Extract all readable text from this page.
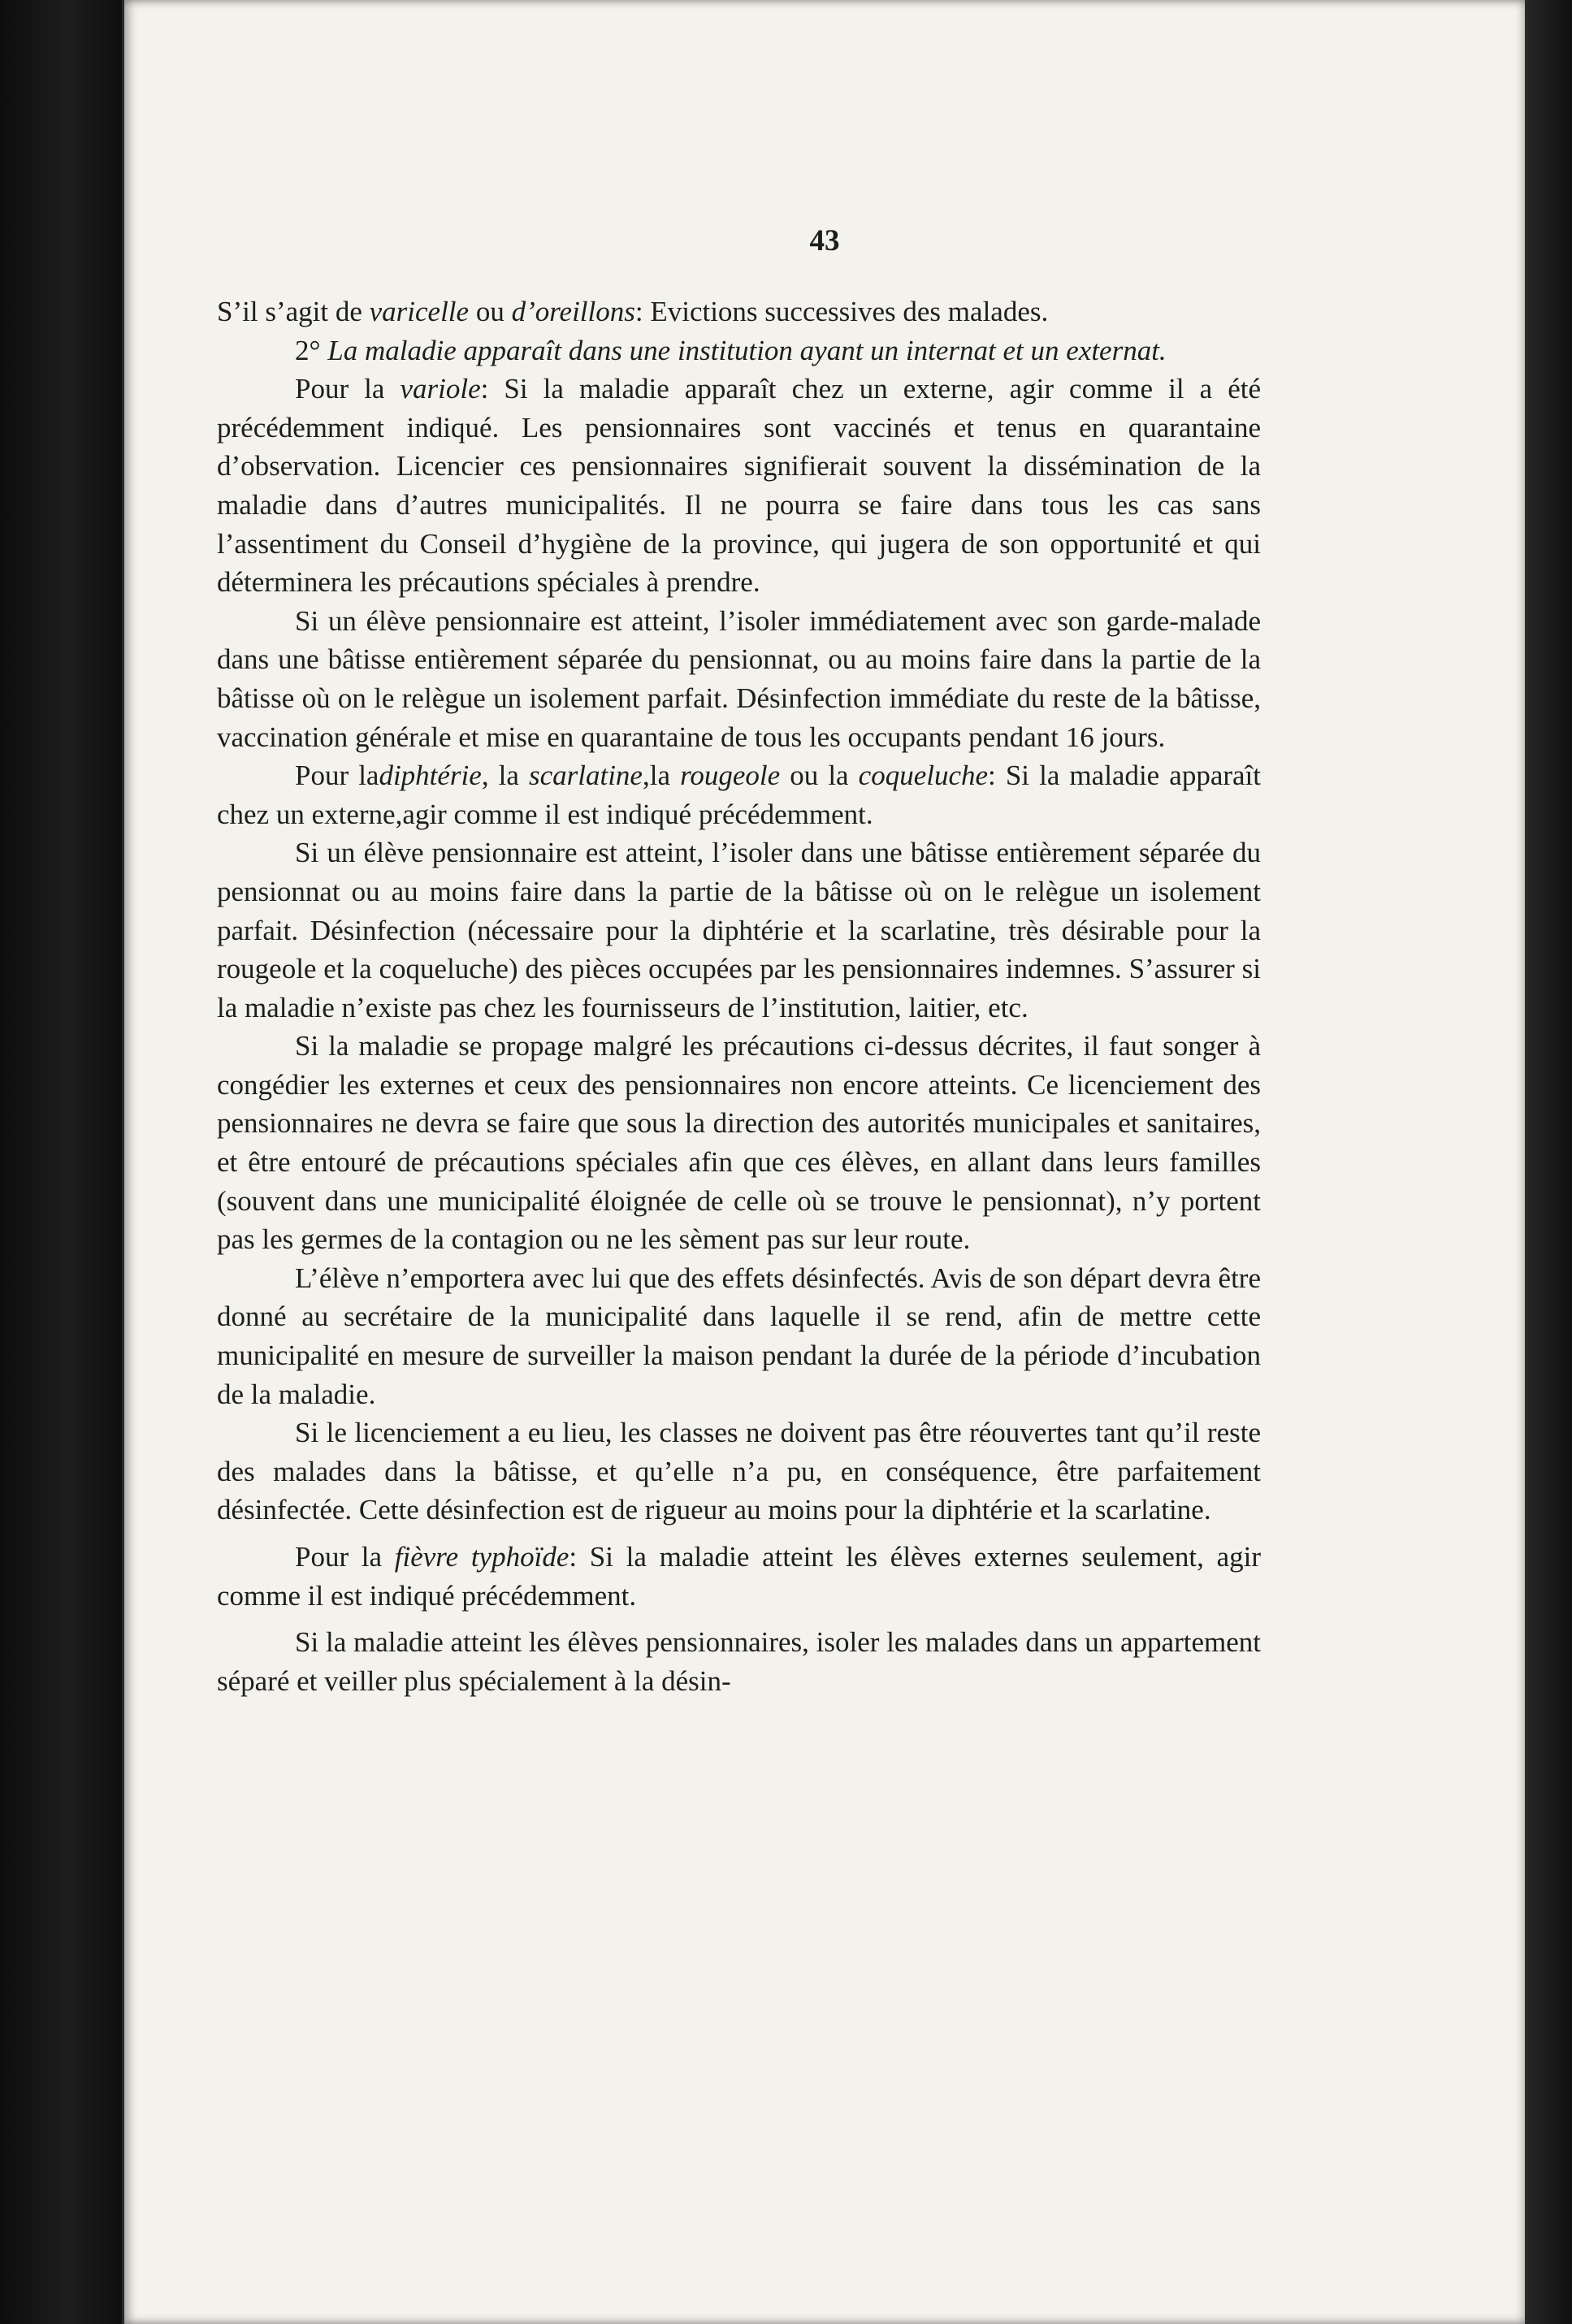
43

S’il s’agit de varicelle ou d’oreillons: Evictions successives des malades.

2° La maladie apparaît dans une institution ayant un internat et un externat.

Pour la variole: Si la maladie apparaît chez un externe, agir comme il a été précédemment indiqué. Les pensionnaires sont vaccinés et tenus en quarantaine d’observation. Licencier ces pensionnaires signifierait souvent la dissémination de la maladie dans d’autres municipalités. Il ne pourra se faire dans tous les cas sans l’assentiment du Conseil d’hygiène de la province, qui jugera de son opportunité et qui déterminera les précautions spéciales à prendre.

Si un élève pensionnaire est atteint, l’isoler immédiatement avec son garde-malade dans une bâtisse entièrement séparée du pensionnat, ou au moins faire dans la partie de la bâtisse où on le relègue un isolement parfait. Désinfection immédiate du reste de la bâtisse, vaccination générale et mise en quarantaine de tous les occupants pendant 16 jours.

Pour ladiphtérie, la scarlatine,la rougeole ou la coqueluche: Si la maladie apparaît chez un externe,agir comme il est indiqué précédemment.

Si un élève pensionnaire est atteint, l’isoler dans une bâtisse entièrement séparée du pensionnat ou au moins faire dans la partie de la bâtisse où on le relègue un isolement parfait. Désinfection (nécessaire pour la diphtérie et la scarlatine, très désirable pour la rougeole et la coqueluche) des pièces occupées par les pensionnaires indemnes. S’assurer si la maladie n’existe pas chez les fournisseurs de l’institution, laitier, etc.

Si la maladie se propage malgré les précautions ci-dessus décrites, il faut songer à congédier les externes et ceux des pensionnaires non encore atteints. Ce licenciement des pensionnaires ne devra se faire que sous la direction des autorités municipales et sanitaires, et être entouré de précautions spéciales afin que ces élèves, en allant dans leurs familles (souvent dans une municipalité éloignée de celle où se trouve le pensionnat), n’y portent pas les germes de la contagion ou ne les sèment pas sur leur route.

L’élève n’emportera avec lui que des effets désinfectés. Avis de son départ devra être donné au secrétaire de la municipalité dans laquelle il se rend, afin de mettre cette municipalité en mesure de surveiller la maison pendant la durée de la période d’incubation de la maladie.

Si le licenciement a eu lieu, les classes ne doivent pas être réouvertes tant qu’il reste des malades dans la bâtisse, et qu’elle n’a pu, en conséquence, être parfaitement désinfectée. Cette désinfection est de rigueur au moins pour la diphtérie et la scarlatine.

Pour la fièvre typhoïde: Si la maladie atteint les élèves externes seulement, agir comme il est indiqué précédemment.

Si la maladie atteint les élèves pensionnaires, isoler les malades dans un appartement séparé et veiller plus spécialement à la désin-
